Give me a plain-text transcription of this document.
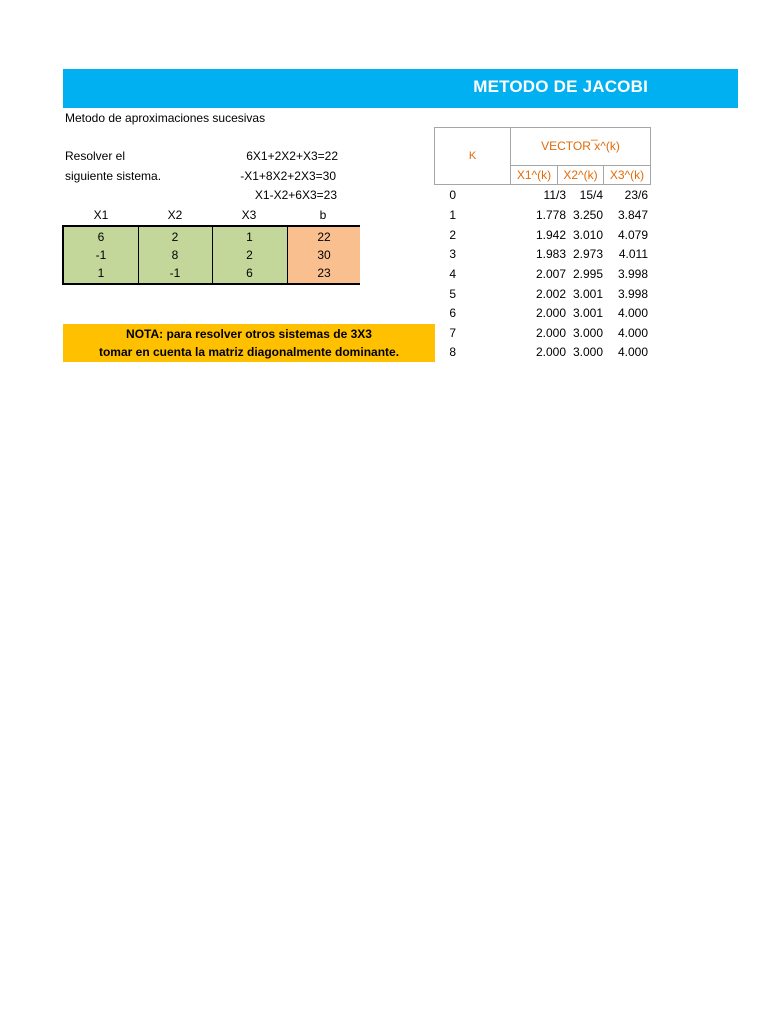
METODO DE JACOBI
Metodo de aproximaciones sucesivas
Resolver el
siguiente sistema.
6X1+2X2+X3=22
-X1+8X2+2X3=30
X1-X2+6X3=23
X1	X2	X3	b
6	2	1	22
-1	8	2	30
1	-1	6	23
NOTA: para resolver otros sistemas de 3X3
tomar en cuenta la matriz diagonalmente dominante.
K
VECTOR ̅x^(k)
X1^(k)	X2^(k)	X3^(k)
0	11/3	15/4	23/6
1	1.778 3.250	3.847
2	1.942 3.010	4.079
3	1.983 2.973	4.011
4	2.007 2.995	3.998
5	2.002 3.001	3.998
6	2.000 3.001	4.000
7	2.000 3.000	4.000
8	2.000 3.000	4.000
